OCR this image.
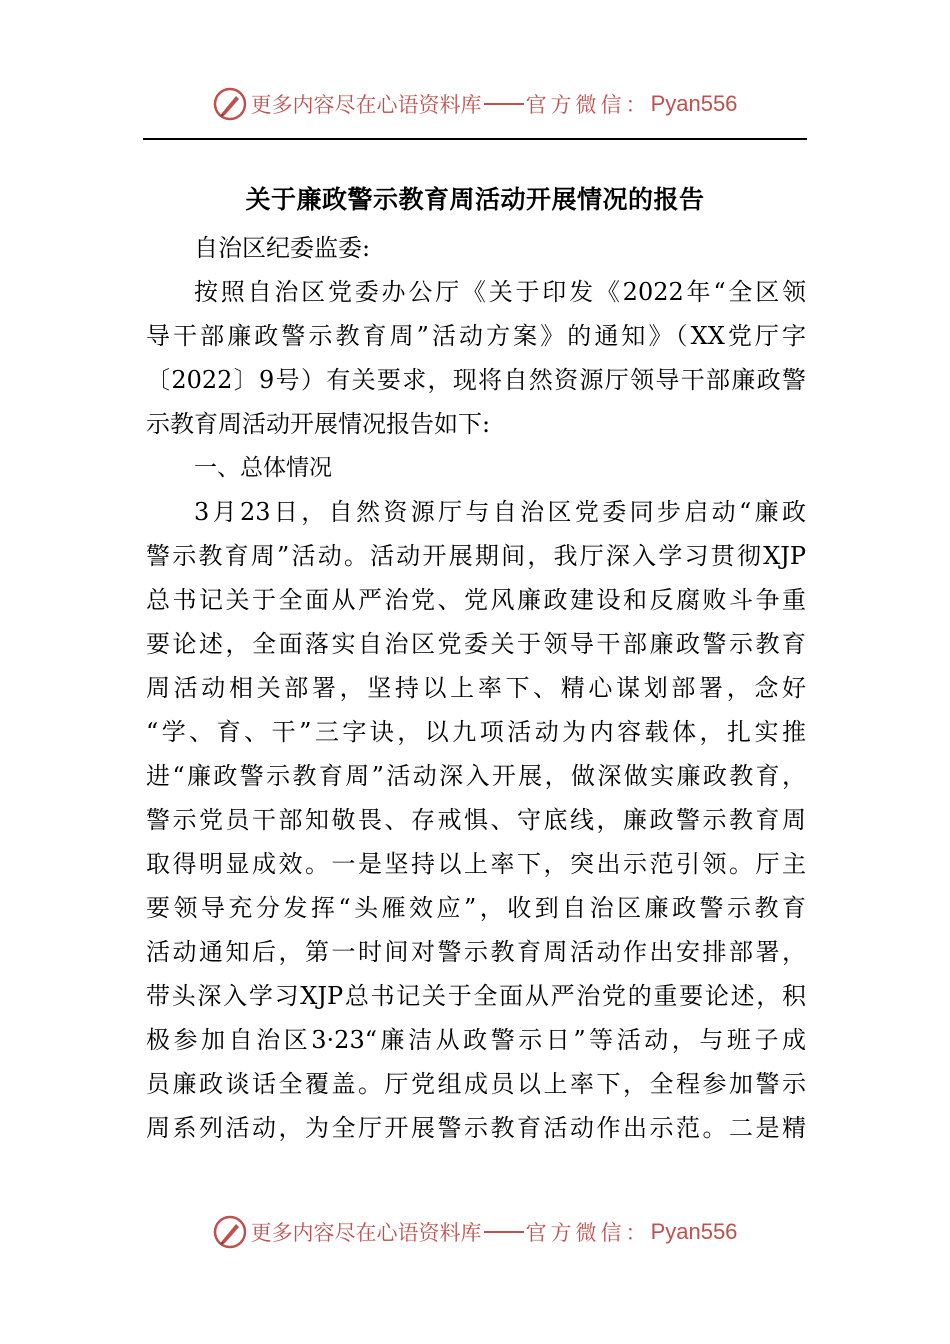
更多内容尽在心语资料库 官方微信： Pyan556
关于廉政警示教育周活动开展情况的报告
自治区纪委监委:
按照自治区党委办公厅《关于印发《2022年“全区领
导干部廉政警示教育周”活动方案》的通知》（XX党厅字
〔2022〕9号）有关要求，现将自然资源厅领导干部廉政警
示教育周活动开展情况报告如下:
一、总体情况
3月23日，自然资源厅与自治区党委同步启动“廉政
警示教育周”活动。活动开展期间，我厅深入学习贯彻XJP
总书记关于全面从严治党、党风廉政建设和反腐败斗争重
要论述，全面落实自治区党委关于领导干部廉政警示教育
周活动相关部署，坚持以上率下、精心谋划部署，念好
“学、育、干”三字诀，以九项活动为内容载体，扎实推
进“廉政警示教育周”活动深入开展，做深做实廉政教育，
警示党员干部知敬畏、存戒惧、守底线，廉政警示教育周
取得明显成效。一是坚持以上率下，突出示范引领。厅主
要领导充分发挥“头雁效应”，收到自治区廉政警示教育
活动通知后，第一时间对警示教育周活动作出安排部署，
带头深入学习XJP总书记关于全面从严治党的重要论述，积
极参加自治区3·23“廉洁从政警示日”等活动，与班子成
员廉政谈话全覆盖。厅党组成员以上率下，全程参加警示
周系列活动，为全厅开展警示教育活动作出示范。二是精
更多内容尽在心语资料库 官方微信： Pyan556
